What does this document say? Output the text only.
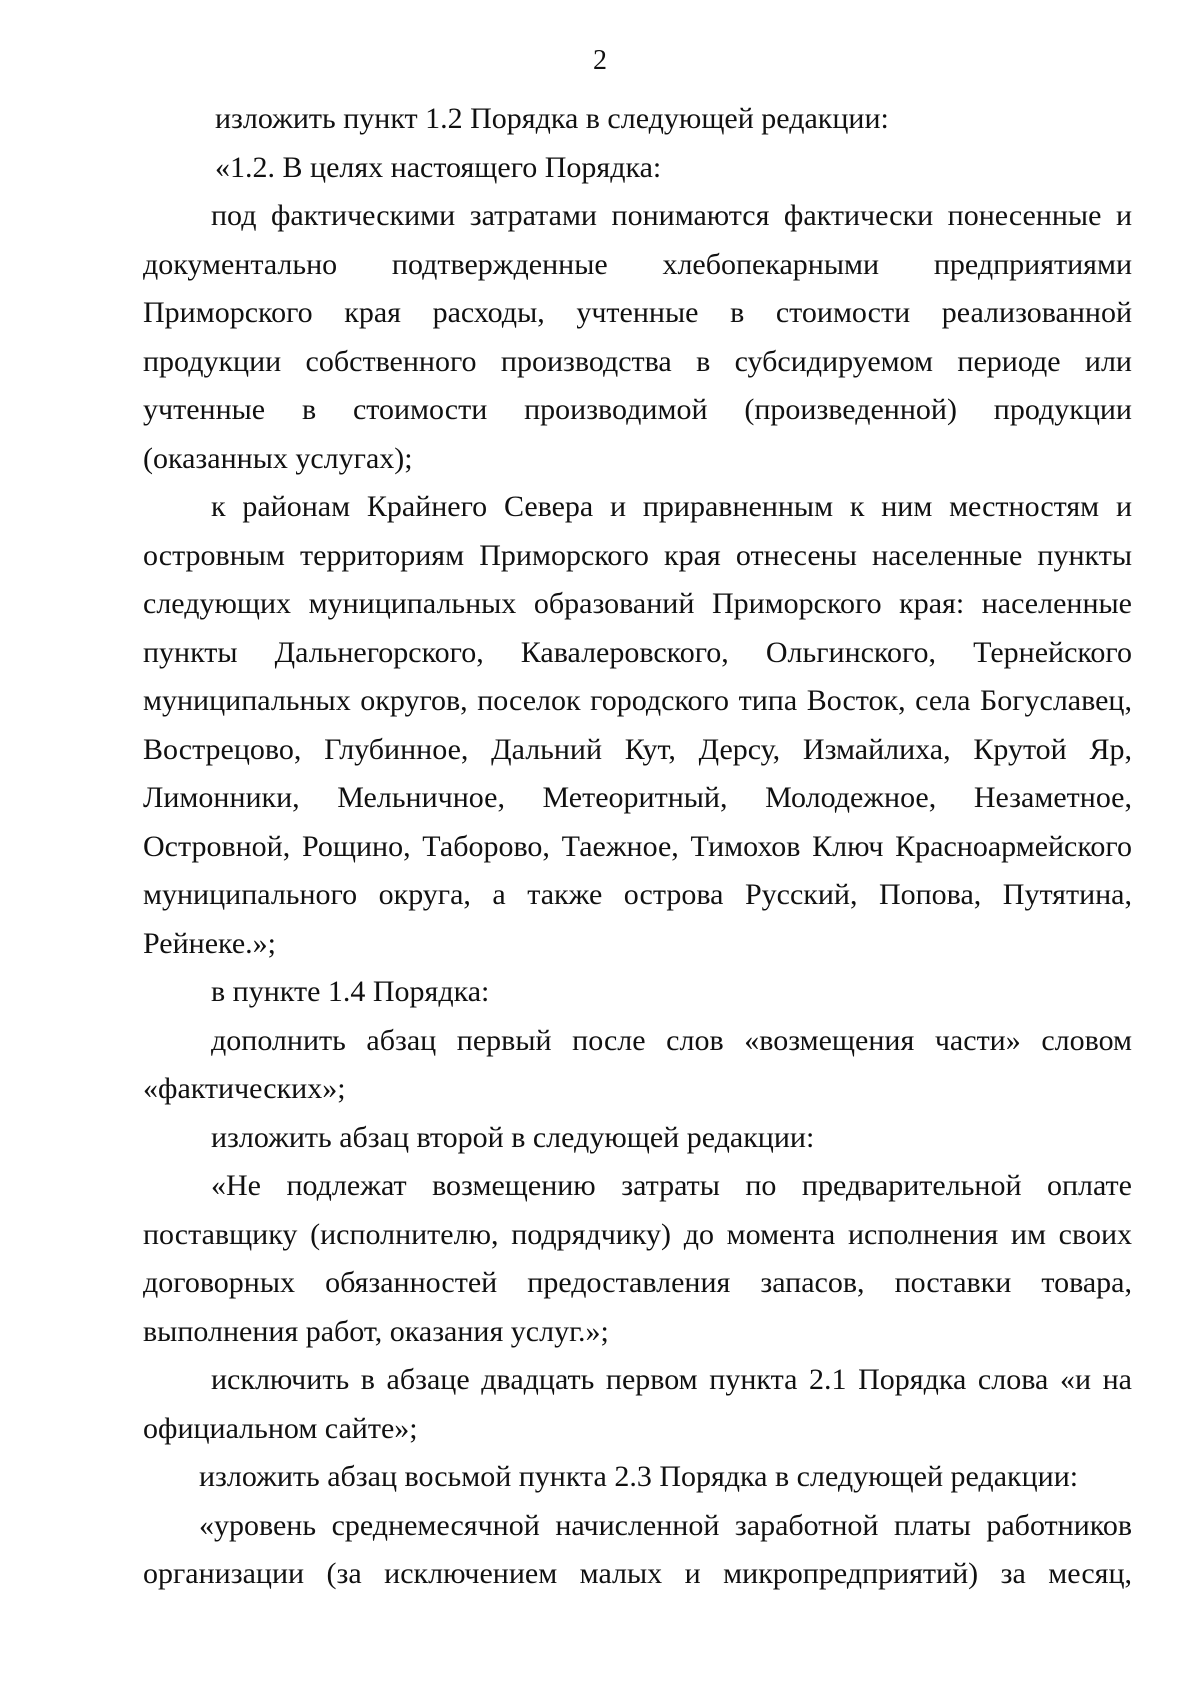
2

изложить пункт 1.2 Порядка в следующей редакции:

«1.2. В целях настоящего Порядка:

под фактическими затратами понимаются фактически понесенные и документально подтвержденные хлебопекарными предприятиями Приморского края расходы, учтенные в стоимости реализованной продукции собственного производства в субсидируемом периоде или учтенные в стоимости производимой (произведенной) продукции (оказанных услугах);

к районам Крайнего Севера и приравненным к ним местностям и островным территориям Приморского края отнесены населенные пункты следующих муниципальных образований Приморского края: населенные пункты Дальнегорского, Кавалеровского, Ольгинского, Тернейского муниципальных округов, поселок городского типа Восток, села Богуславец, Вострецово, Глубинное, Дальний Кут, Дерсу, Измайлиха, Крутой Яр, Лимонники, Мельничное, Метеоритный, Молодежное, Незаметное, Островной, Рощино, Таборово, Таежное, Тимохов Ключ Красноармейского муниципального округа, а также острова Русский, Попова, Путятина, Рейнеке.»;

в пункте 1.4 Порядка:

дополнить абзац первый после слов «возмещения части» словом «фактических»;

изложить абзац второй в следующей редакции:

«Не подлежат возмещению затраты по предварительной оплате поставщику (исполнителю, подрядчику) до момента исполнения им своих договорных обязанностей предоставления запасов, поставки товара, выполнения работ, оказания услуг.»;

исключить в абзаце двадцать первом пункта 2.1 Порядка слова «и на официальном сайте»;

изложить абзац восьмой пункта 2.3 Порядка в следующей редакции:

«уровень среднемесячной начисленной заработной платы работников организации (за исключением малых и микропредприятий) за месяц,
